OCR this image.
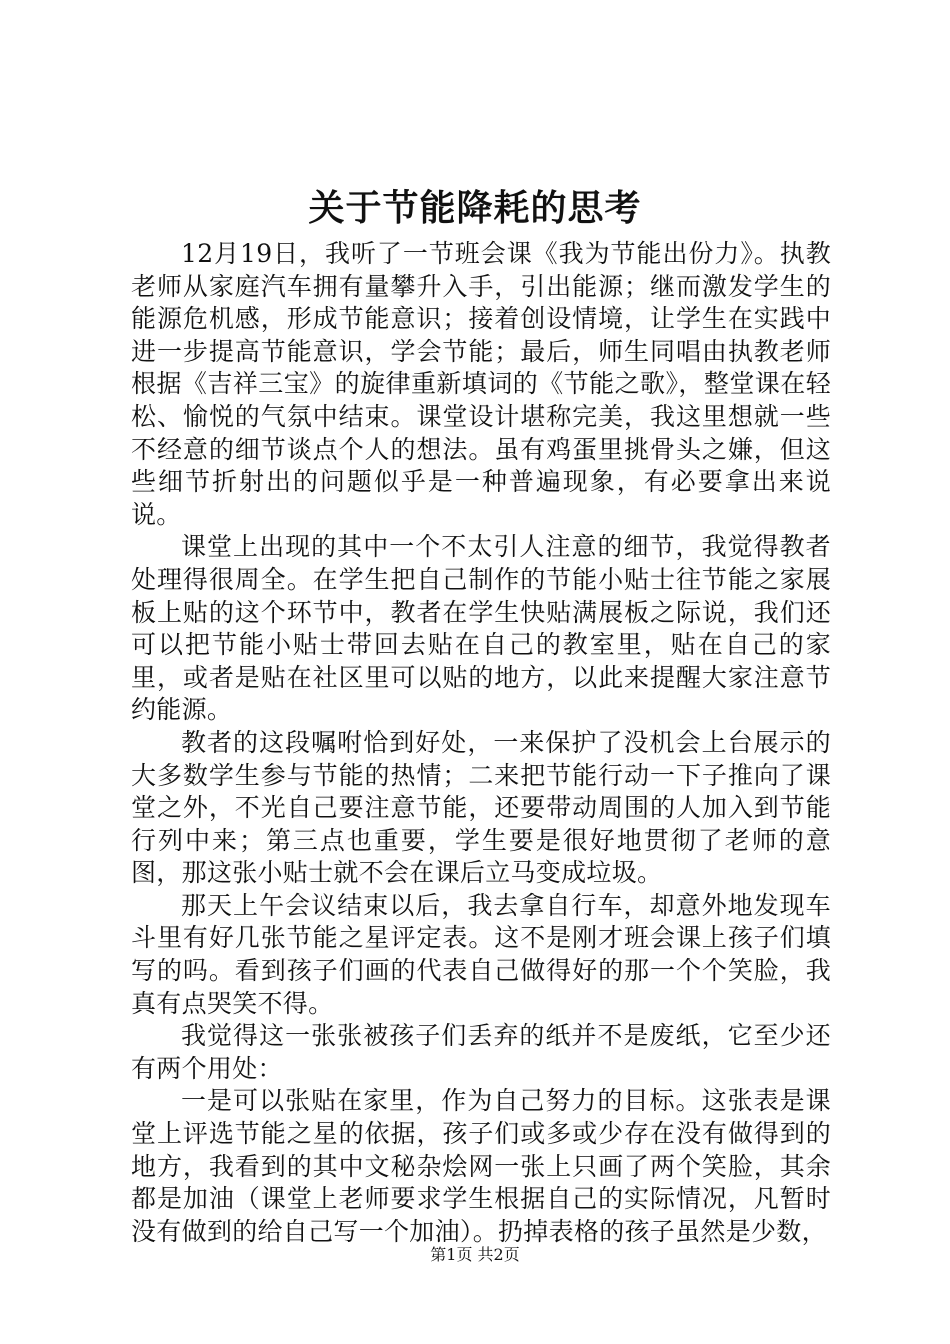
关于节能降耗的思考

12月19日，我听了一节班会课《我为节能出份力》。执教老师从家庭汽车拥有量攀升入手，引出能源；继而激发学生的能源危机感，形成节能意识；接着创设情境，让学生在实践中进一步提高节能意识，学会节能；最后，师生同唱由执教老师根据《吉祥三宝》的旋律重新填词的《节能之歌》，整堂课在轻松、愉悦的气氛中结束。课堂设计堪称完美，我这里想就一些不经意的细节谈点个人的想法。虽有鸡蛋里挑骨头之嫌，但这些细节折射出的问题似乎是一种普遍现象，有必要拿出来说说。

课堂上出现的其中一个不太引人注意的细节，我觉得教者处理得很周全。在学生把自己制作的节能小贴士往节能之家展板上贴的这个环节中，教者在学生快贴满展板之际说，我们还可以把节能小贴士带回去贴在自己的教室里，贴在自己的家里，或者是贴在社区里可以贴的地方，以此来提醒大家注意节约能源。

教者的这段嘱咐恰到好处，一来保护了没机会上台展示的大多数学生参与节能的热情；二来把节能行动一下子推向了课堂之外，不光自己要注意节能，还要带动周围的人加入到节能行列中来；第三点也重要，学生要是很好地贯彻了老师的意图，那这张小贴士就不会在课后立马变成垃圾。

那天上午会议结束以后，我去拿自行车，却意外地发现车斗里有好几张节能之星评定表。这不是刚才班会课上孩子们填写的吗。看到孩子们画的代表自己做得好的那一个个笑脸，我真有点哭笑不得。

我觉得这一张张被孩子们丢弃的纸并不是废纸，它至少还有两个用处：

一是可以张贴在家里，作为自己努力的目标。这张表是课堂上评选节能之星的依据，孩子们或多或少存在没有做得到的地方，我看到的其中文秘杂烩网一张上只画了两个笑脸，其余都是加油（课堂上老师要求学生根据自己的实际情况，凡暂时没有做到的给自己写一个加油）。扔掉表格的孩子虽然是少数，

第1页 共2页
